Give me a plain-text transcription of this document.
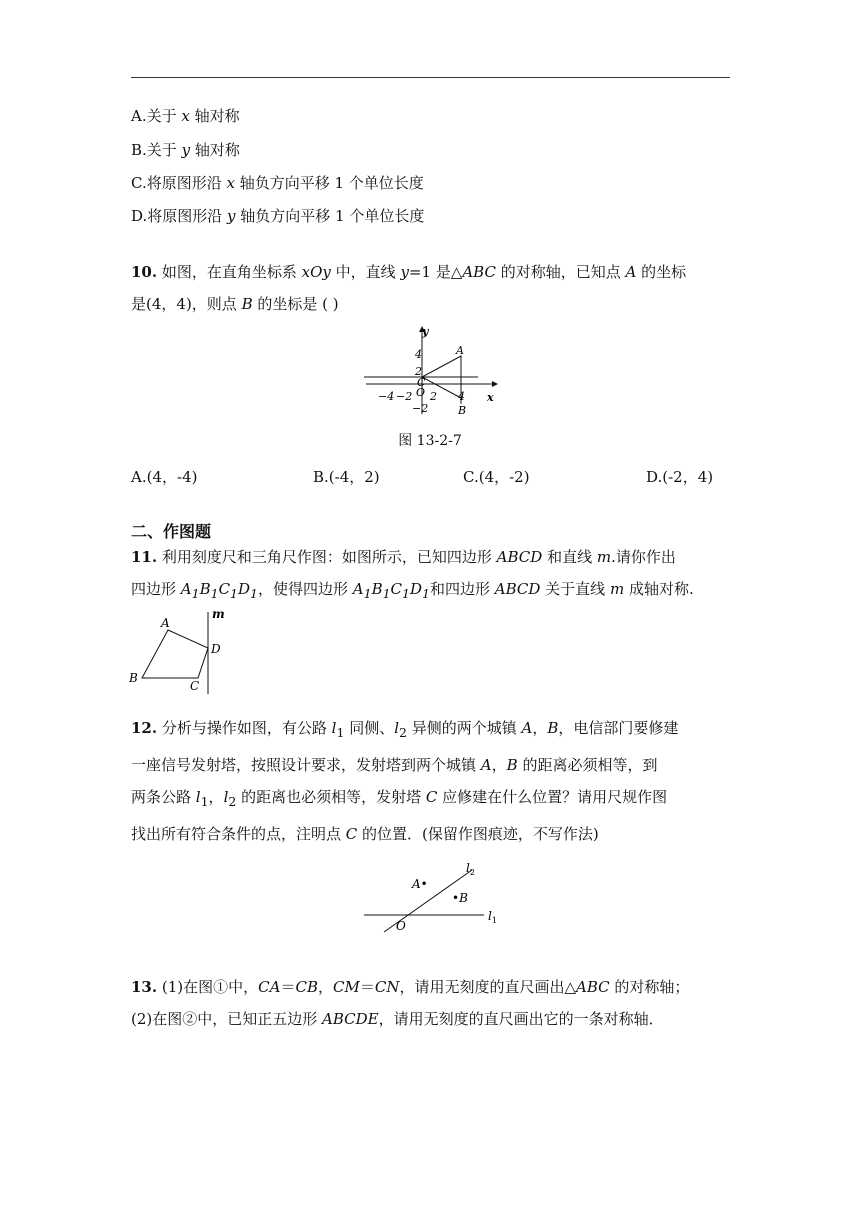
A.关于 x 轴对称
B.关于 y 轴对称
C.将原图形沿 x 轴负方向平移 1 个单位长度
D.将原图形沿 y 轴负方向平移 1 个单位长度
10. 如图，在直角坐标系 xOy 中，直线 y=1 是△ABC 的对称轴，已知点 A 的坐标
是(4，4)，则点 B 的坐标是 ( )
2 4
−4 −2
4
2
−2
O	x
y
A
B
C
图 13-2-7
A.(4，-4)	B.(-4，2)	C.(4，-2)	D.(-2，4)
二、作图题
11. 利用刻度尺和三角尺作图：如图所示，已知四边形 ABCD 和直线 m.请你作出
四边形 $A_1B_1C_1D_1$，使得四边形 $A_1B_1C_1D_1$和四边形 ABCD 关于直线 m 成轴对称.
A
B
C
D
m
12. 分析与操作如图，有公路 $l_1$ 同侧、$l_2$ 异侧的两个城镇 A，B，电信部门要修建
一座信号发射塔，按照设计要求，发射塔到两个城镇 A，B 的距离必须相等，到
两条公路 $l_1$，$l_2$ 的距离也必须相等，发射塔 C 应修建在什么位置？请用尺规作图
找出所有符合条件的点，注明点 C 的位置．(保留作图痕迹，不写作法)
A•
•B
O
$l_1$
$l_2$
13. (1)在图①中，CA＝CB，CM＝CN，请用无刻度的直尺画出△ABC 的对称轴；
(2)在图②中，已知正五边形 ABCDE，请用无刻度的直尺画出它的一条对称轴．
